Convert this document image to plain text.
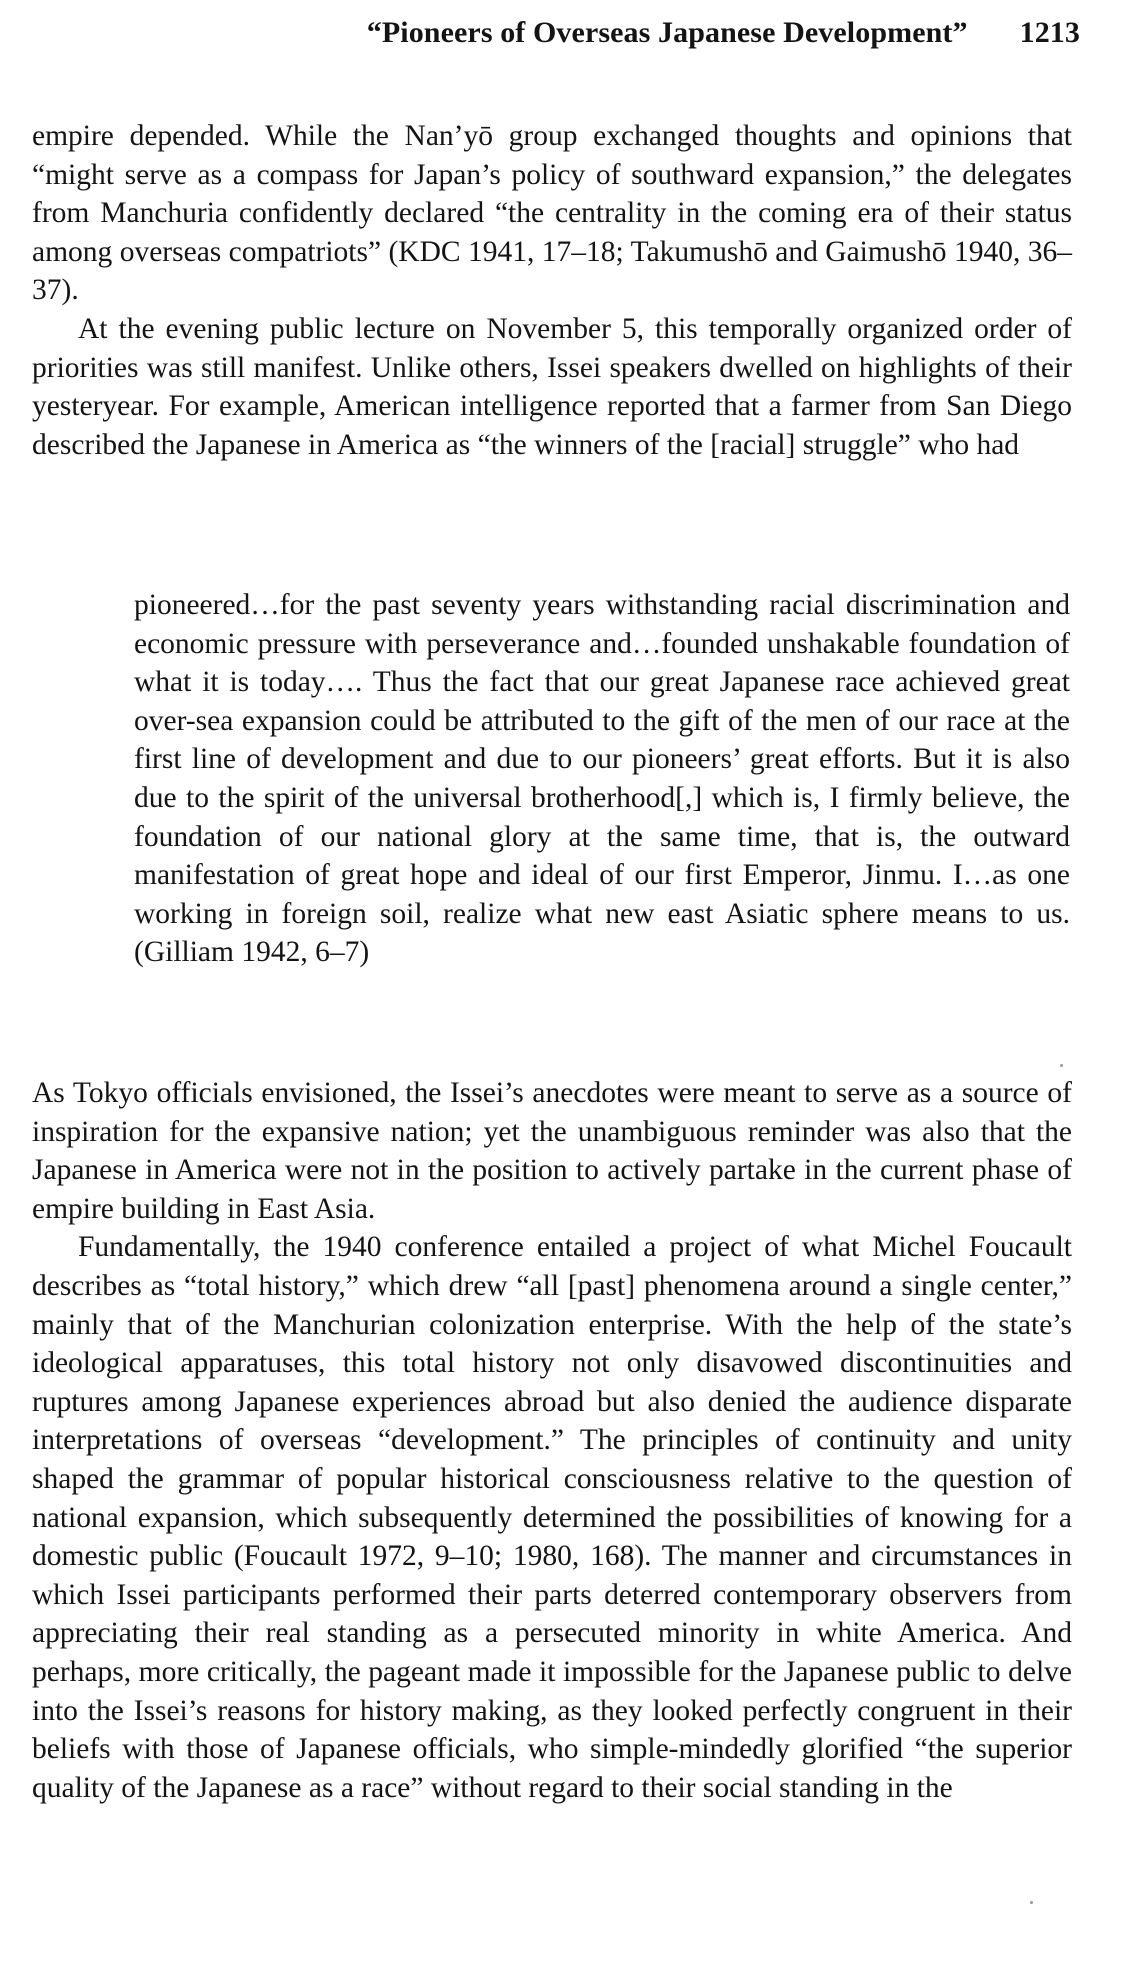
“Pioneers of Overseas Japanese Development” 1213

empire depended. While the Nan’yō group exchanged thoughts and opinions that “might serve as a compass for Japan’s policy of southward expansion,” the delegates from Manchuria confidently declared “the centrality in the coming era of their status among overseas compatriots” (KDC 1941, 17–18; Takumushō and Gaimushō 1940, 36–37).

At the evening public lecture on November 5, this temporally organized order of priorities was still manifest. Unlike others, Issei speakers dwelled on highlights of their yesteryear. For example, American intelligence reported that a farmer from San Diego described the Japanese in America as “the winners of the [racial] struggle” who had

pioneered…for the past seventy years withstanding racial discrimination and economic pressure with perseverance and…founded unshakable foundation of what it is today…. Thus the fact that our great Japanese race achieved great over-sea expansion could be attributed to the gift of the men of our race at the first line of development and due to our pioneers’ great efforts. But it is also due to the spirit of the universal brotherhood[,] which is, I firmly believe, the foundation of our national glory at the same time, that is, the outward manifestation of great hope and ideal of our first Emperor, Jinmu. I…as one working in foreign soil, realize what new east Asiatic sphere means to us. (Gilliam 1942, 6–7)

As Tokyo officials envisioned, the Issei’s anecdotes were meant to serve as a source of inspiration for the expansive nation; yet the unambiguous reminder was also that the Japanese in America were not in the position to actively partake in the current phase of empire building in East Asia.

Fundamentally, the 1940 conference entailed a project of what Michel Foucault describes as “total history,” which drew “all [past] phenomena around a single center,” mainly that of the Manchurian colonization enterprise. With the help of the state’s ideological apparatuses, this total history not only disavowed discontinuities and ruptures among Japanese experiences abroad but also denied the audience disparate interpretations of overseas “development.” The principles of continuity and unity shaped the grammar of popular historical consciousness relative to the question of national expansion, which subsequently determined the possibilities of knowing for a domestic public (Foucault 1972, 9–10; 1980, 168). The manner and circumstances in which Issei participants performed their parts deterred contemporary observers from appreciating their real standing as a persecuted minority in white America. And perhaps, more critically, the pageant made it impossible for the Japanese public to delve into the Issei’s reasons for history making, as they looked perfectly congruent in their beliefs with those of Japanese officials, who simple-mindedly glorified “the superior quality of the Japanese as a race” without regard to their social standing in the
